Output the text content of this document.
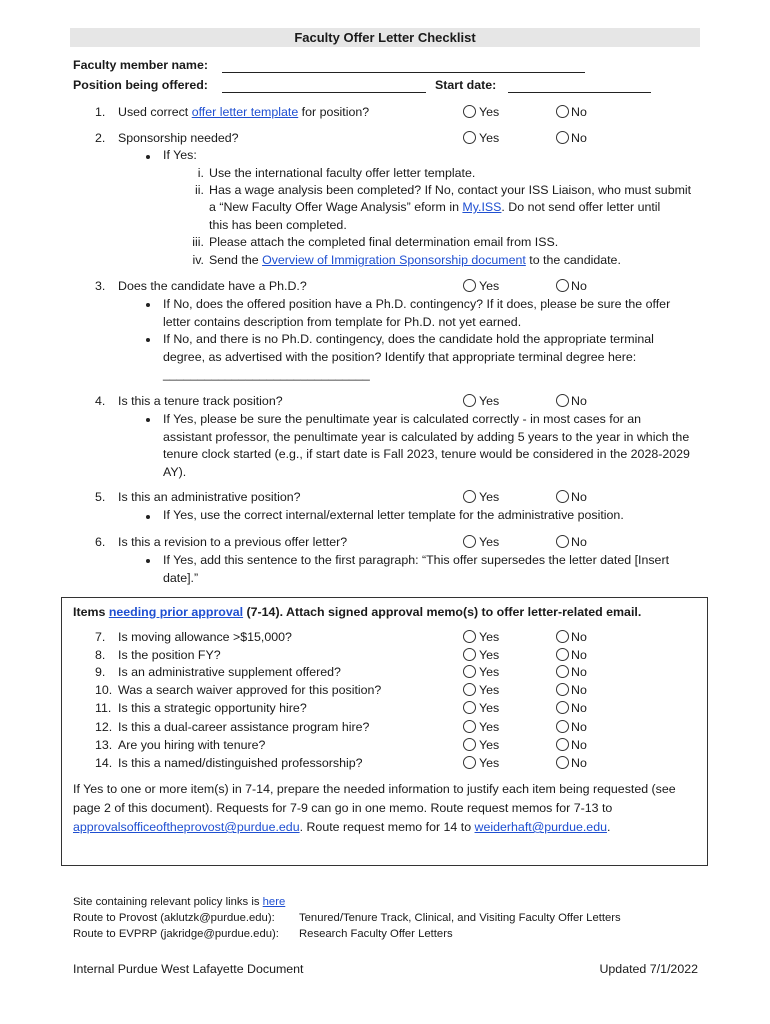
Faculty Offer Letter Checklist
Faculty member name:
Position being offered:	Start date:
1. Used correct offer letter template for position?	Yes	No
2. Sponsorship needed?	Yes	No
If Yes:
i. Use the international faculty offer letter template.
ii. Has a wage analysis been completed? If No, contact your ISS Liaison, who must submit
a “New Faculty Offer Wage Analysis” eform in My.ISS. Do not send offer letter until
this has been completed.
iii. Please attach the completed final determination email from ISS.
iv. Send the Overview of Immigration Sponsorship document to the candidate.
3. Does the candidate have a Ph.D.?	Yes	No
If No, does the offered position have a Ph.D. contingency? If it does, please be sure the offer letter contains description from template for Ph.D. not yet earned.
If No, and there is no Ph.D. contingency, does the candidate hold the appropriate terminal degree, as advertised with the position? Identify that appropriate terminal degree here:
______________________________
4. Is this a tenure track position?	Yes	No
If Yes, please be sure the penultimate year is calculated correctly - in most cases for an assistant professor, the penultimate year is calculated by adding 5 years to the year in which the tenure clock started (e.g., if start date is Fall 2023, tenure would be considered in the 2028-2029 AY).
5. Is this an administrative position?	Yes	No
If Yes, use the correct internal/external letter template for the administrative position.
6. Is this a revision to a previous offer letter?	Yes	No
If Yes, add this sentence to the first paragraph: “This offer supersedes the letter dated [Insert date].”
Items needing prior approval (7-14). Attach signed approval memo(s) to offer letter-related email.
7.	Is moving allowance >$15,000?	Yes	No
8.	Is the position FY?	Yes	No
9.	Is an administrative supplement offered?	Yes	No
10. Was a search waiver approved for this position?	Yes	No
11. Is this a strategic opportunity hire?	Yes	No
12. Is this a dual-career assistance program hire?	Yes	No
13. Are you hiring with tenure?	Yes	No
14. Is this a named/distinguished professorship?	Yes	No
If Yes to one or more item(s) in 7-14, prepare the needed information to justify each item being requested (see
page 2 of this document). Requests for 7-9 can go in one memo. Route request memos for 7-13 to
approvalsofficeoftheprovost@purdue.edu. Route request memo for 14 to weiderhaft@purdue.edu.
Site containing relevant policy links is here
Route to Provost (aklutzk@purdue.edu): Tenured/Tenure Track, Clinical, and Visiting Faculty Offer Letters
Route to EVPRP (jakridge@purdue.edu): Research Faculty Offer Letters
Internal Purdue West Lafayette Document	Updated 7/1/2022
